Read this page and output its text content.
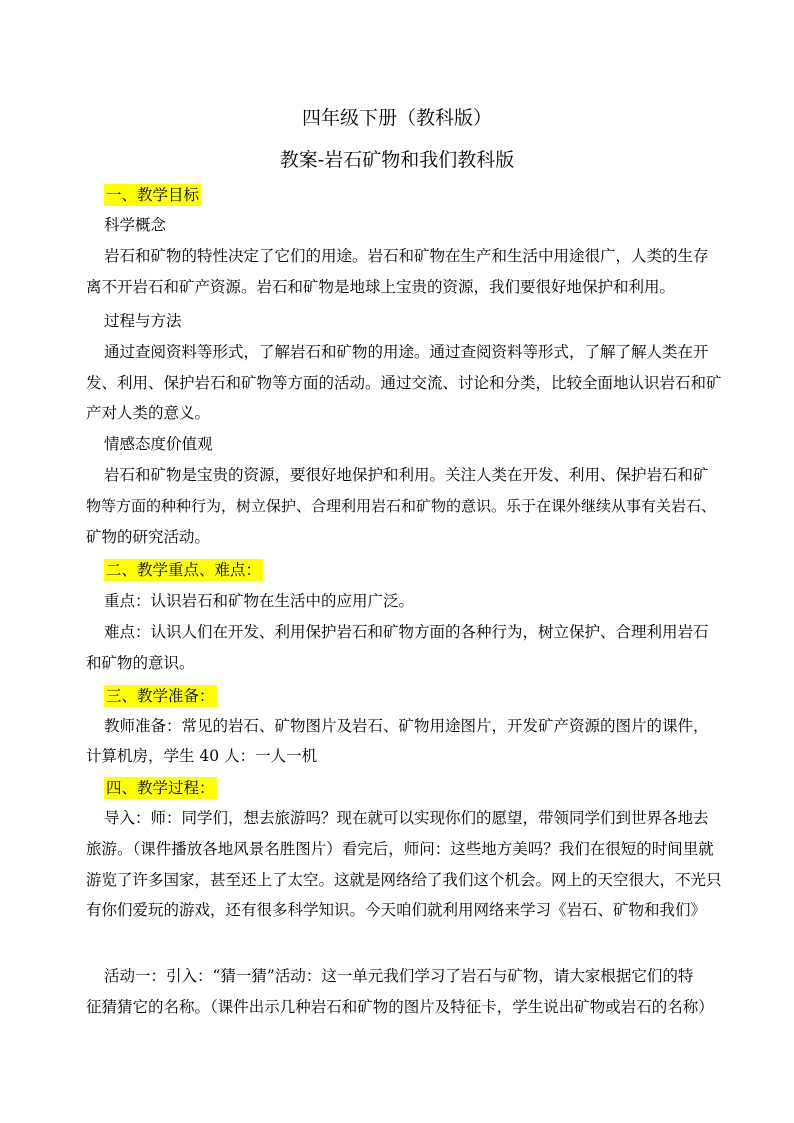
四年级下册（教科版）
教案-岩石矿物和我们教科版
一、教学目标
科学概念
岩石和矿物的特性决定了它们的用途。岩石和矿物在生产和生活中用途很广，人类的生存
离不开岩石和矿产资源。岩石和矿物是地球上宝贵的资源，我们要很好地保护和利用。
过程与方法
通过查阅资料等形式，了解岩石和矿物的用途。通过查阅资料等形式，了解了解人类在开
发、利用、保护岩石和矿物等方面的活动。通过交流、讨论和分类，比较全面地认识岩石和矿
产对人类的意义。
情感态度价值观
岩石和矿物是宝贵的资源，要很好地保护和利用。关注人类在开发、利用、保护岩石和矿
物等方面的种种行为，树立保护、合理利用岩石和矿物的意识。乐于在课外继续从事有关岩石、
矿物的研究活动。
二、教学重点、难点：
重点：认识岩石和矿物在生活中的应用广泛。
难点：认识人们在开发、利用保护岩石和矿物方面的各种行为，树立保护、合理利用岩石
和矿物的意识。
三、教学准备：
教师准备：常见的岩石、矿物图片及岩石、矿物用途图片，开发矿产资源的图片的课件，
计算机房，学生 40 人：一人一机
四、教学过程：
导入：师：同学们，想去旅游吗？现在就可以实现你们的愿望，带领同学们到世界各地去
旅游。（课件播放各地风景名胜图片）看完后，师问：这些地方美吗？我们在很短的时间里就
游览了许多国家，甚至还上了太空。这就是网络给了我们这个机会。网上的天空很大，不光只
有你们爱玩的游戏，还有很多科学知识。今天咱们就利用网络来学习《岩石、矿物和我们》
活动一：引入：“猜一猜”活动：这一单元我们学习了岩石与矿物，请大家根据它们的特
征猜猜它的名称。（课件出示几种岩石和矿物的图片及特征卡，学生说出矿物或岩石的名称）
